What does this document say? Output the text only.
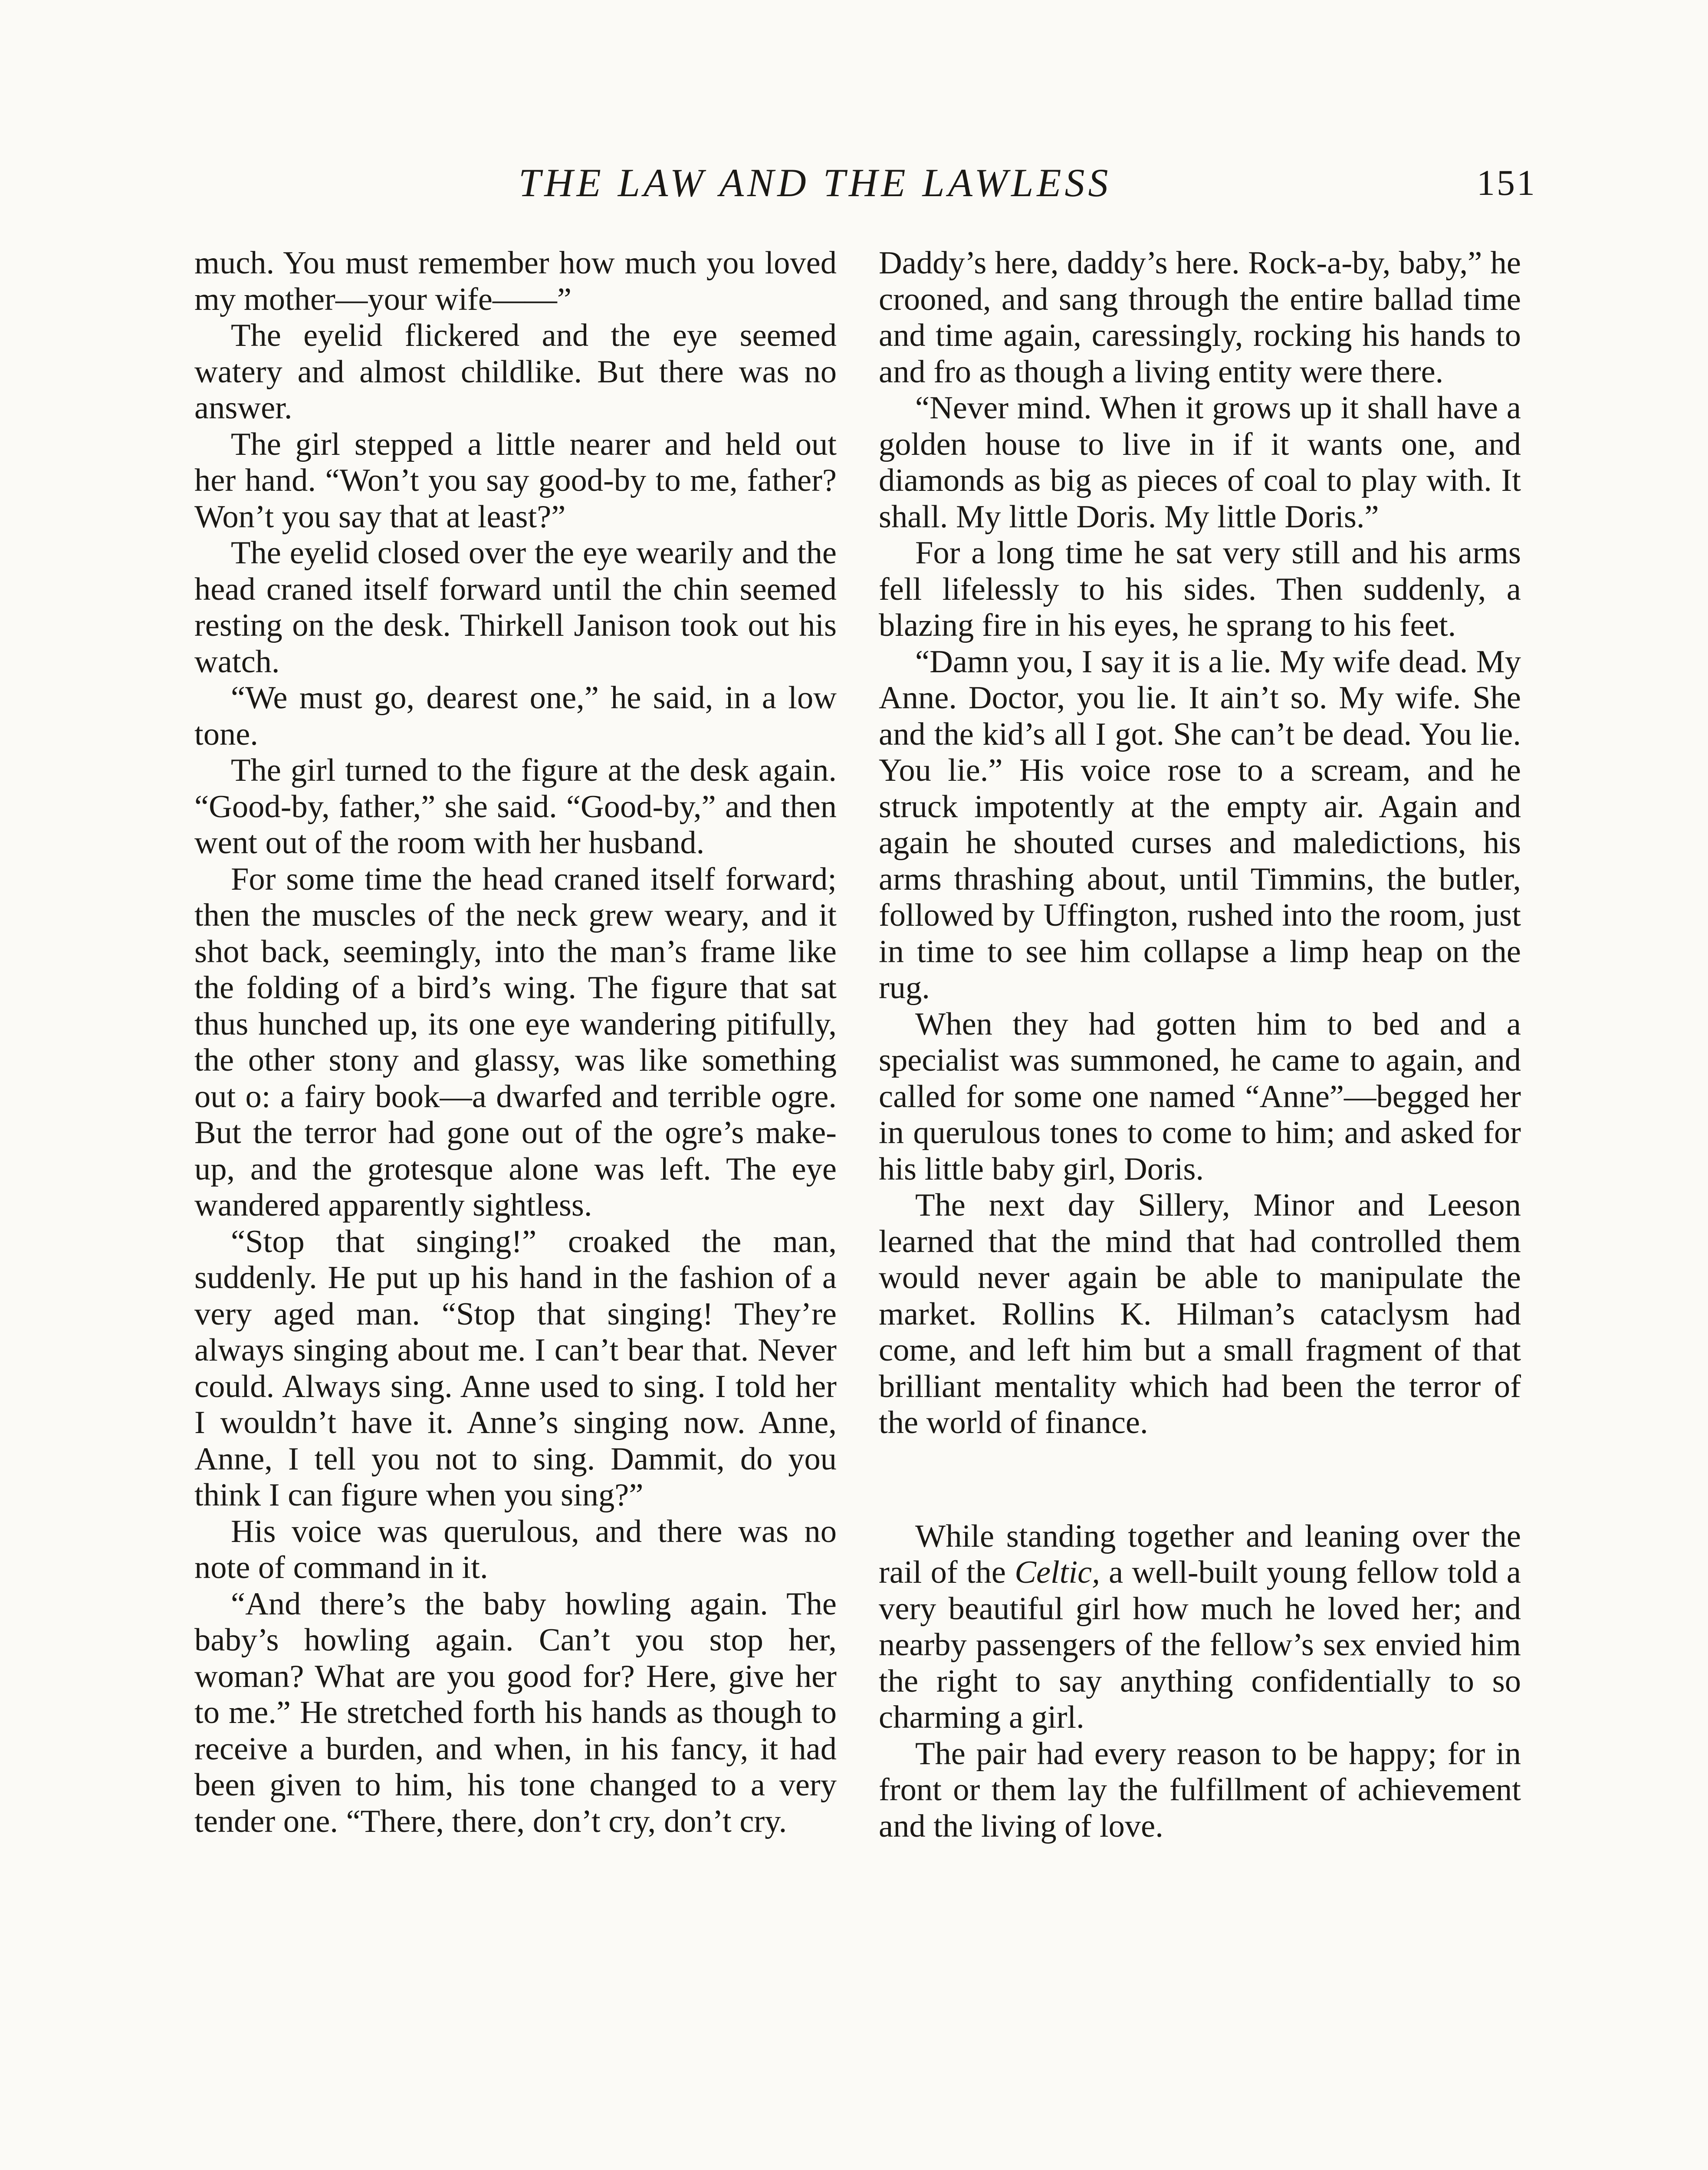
THE LAW AND THE LAWLESS	151

much. You must remember how much you loved my mother—your wife——”

The eyelid flickered and the eye seemed watery and almost childlike. But there was no answer.

The girl stepped a little nearer and held out her hand. “Won’t you say good-by to me, father? Won’t you say that at least?”

The eyelid closed over the eye wearily and the head craned itself forward until the chin seemed resting on the desk. Thirkell Janison took out his watch.

“We must go, dearest one,” he said, in a low tone.

The girl turned to the figure at the desk again. “Good-by, father,” she said. “Good-by,” and then went out of the room with her husband.

For some time the head craned itself forward; then the muscles of the neck grew weary, and it shot back, seemingly, into the man’s frame like the folding of a bird’s wing. The figure that sat thus hunched up, its one eye wandering pitifully, the other stony and glassy, was like something out o: a fairy book—a dwarfed and terrible ogre. But the terror had gone out of the ogre’s make-up, and the grotesque alone was left. The eye wandered apparently sightless.

“Stop that singing!” croaked the man, suddenly. He put up his hand in the fashion of a very aged man. “Stop that singing! They’re always singing about me. I can’t bear that. Never could. Always sing. Anne used to sing. I told her I wouldn’t have it. Anne’s singing now. Anne, Anne, I tell you not to sing. Dammit, do you think I can figure when you sing?”

His voice was querulous, and there was no note of command in it.

“And there’s the baby howling again. The baby’s howling again. Can’t you stop her, woman? What are you good for? Here, give her to me.” He stretched forth his hands as though to receive a burden, and when, in his fancy, it had been given to him, his tone changed to a very tender one. “There, there, don’t cry, don’t cry.

Daddy’s here, daddy’s here. Rock-a-by, baby,” he crooned, and sang through the entire ballad time and time again, caressingly, rocking his hands to and fro as though a living entity were there.

“Never mind. When it grows up it shall have a golden house to live in if it wants one, and diamonds as big as pieces of coal to play with. It shall. My little Doris. My little Doris.”

For a long time he sat very still and his arms fell lifelessly to his sides. Then suddenly, a blazing fire in his eyes, he sprang to his feet.

“Damn you, I say it is a lie. My wife dead. My Anne. Doctor, you lie. It ain’t so. My wife. She and the kid’s all I got. She can’t be dead. You lie. You lie.” His voice rose to a scream, and he struck impotently at the empty air. Again and again he shouted curses and maledictions, his arms thrashing about, until Timmins, the butler, followed by Uffington, rushed into the room, just in time to see him collapse a limp heap on the rug.

When they had gotten him to bed and a specialist was summoned, he came to again, and called for some one named “Anne”—begged her in querulous tones to come to him; and asked for his little baby girl, Doris.

The next day Sillery, Minor and Leeson learned that the mind that had controlled them would never again be able to manipulate the market. Rollins K. Hilman’s cataclysm had come, and left him but a small fragment of that brilliant mentality which had been the terror of the world of finance.

While standing together and leaning over the rail of the Celtic, a well-built young fellow told a very beautiful girl how much he loved her; and nearby passengers of the fellow’s sex envied him the right to say anything confidentially to so charming a girl.

The pair had every reason to be happy; for in front or them lay the fulfillment of achievement and the living of love.
